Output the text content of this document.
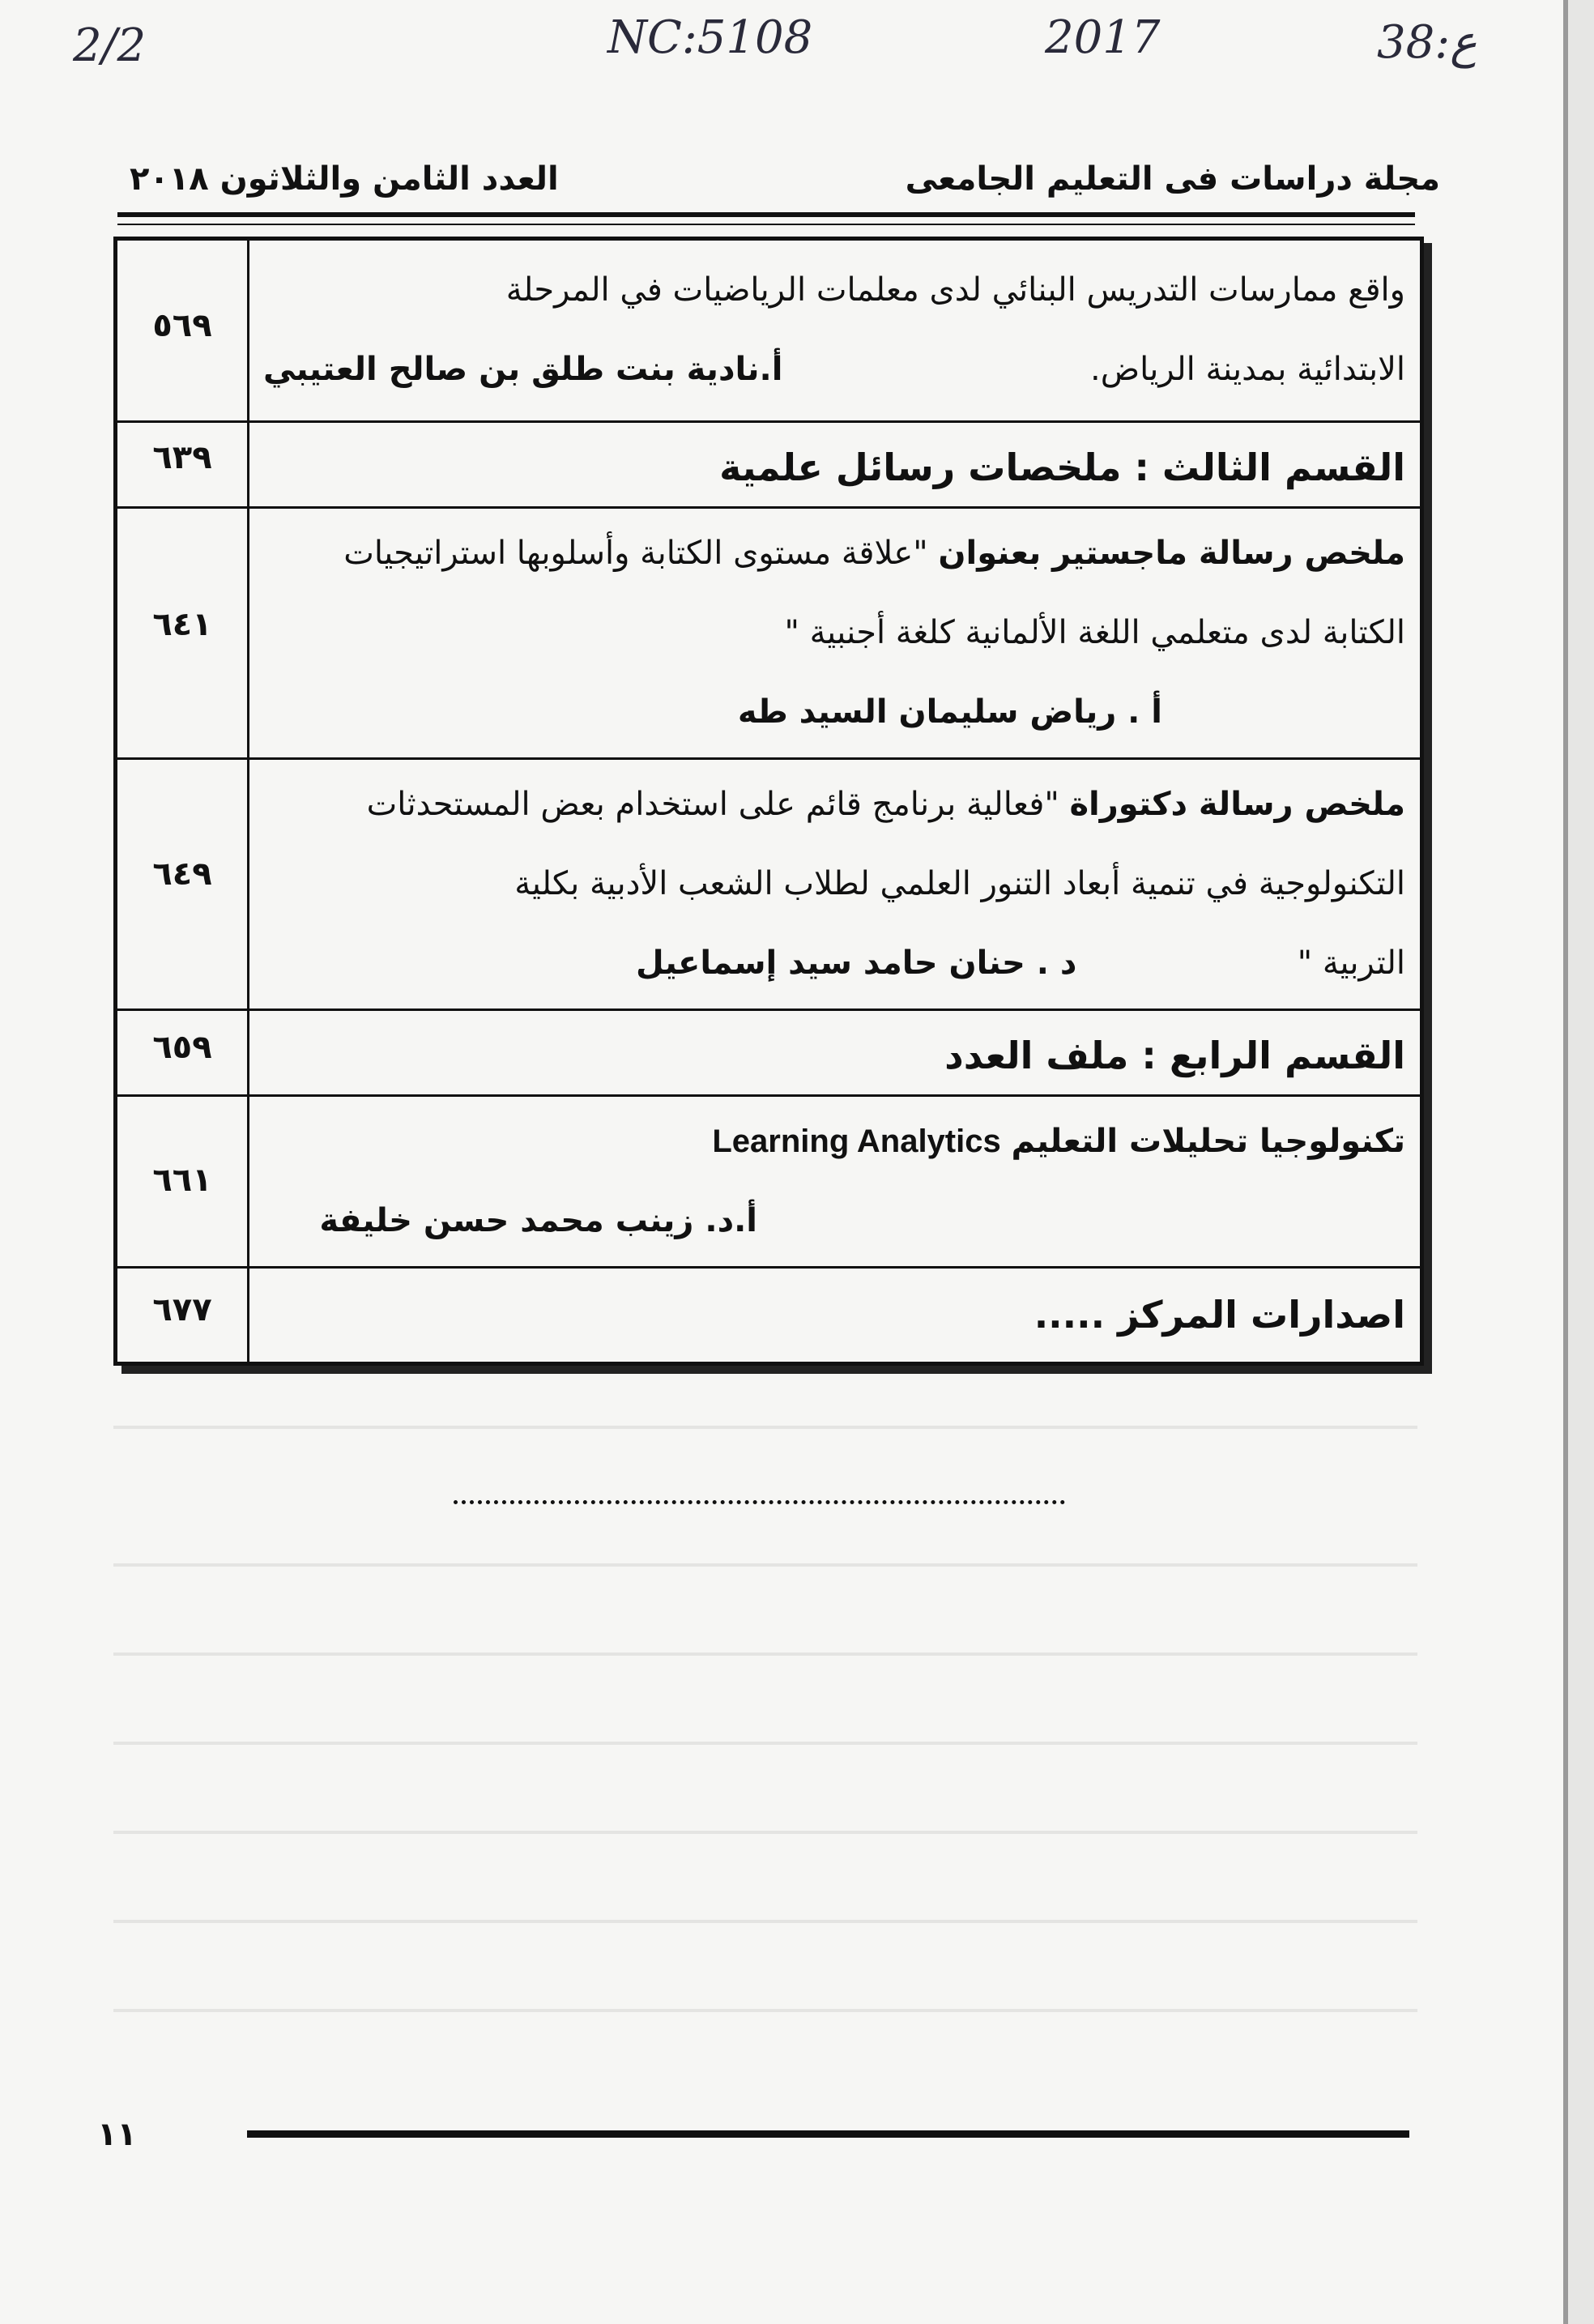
2/2	NC:5108	2017	38:ع
مجلة دراسات فى التعليم الجامعى
العدد الثامن والثلاثون ٢٠١٨
واقع ممارسات التدريس البنائي لدى معلمات الرياضيات في المرحلة
الابتدائية بمدينة الرياض.
أ.نادية بنت طلق بن صالح العتيبي
٥٦٩
القسم الثالث : ملخصات رسائل علمية
٦٣٩
ملخص رسالة ماجستير بعنوان "علاقة مستوى الكتابة وأسلوبها استراتيجيات
الكتابة لدى متعلمي اللغة الألمانية كلغة أجنبية "
أ . رياض سليمان السيد طه
٦٤١
ملخص رسالة دكتوراة "فعالية برنامج قائم على استخدام بعض المستحدثات
التكنولوجية في تنمية أبعاد التنور العلمي لطلاب الشعب الأدبية بكلية
التربية "
د . حنان حامد سيد إسماعيل
٦٤٩
القسم الرابع : ملف العدد
٦٥٩
تكنولوجيا تحليلات التعليم Learning Analytics
أ.د. زينب محمد حسن خليفة
٦٦١
اصدارات المركز .....
٦٧٧
١١
